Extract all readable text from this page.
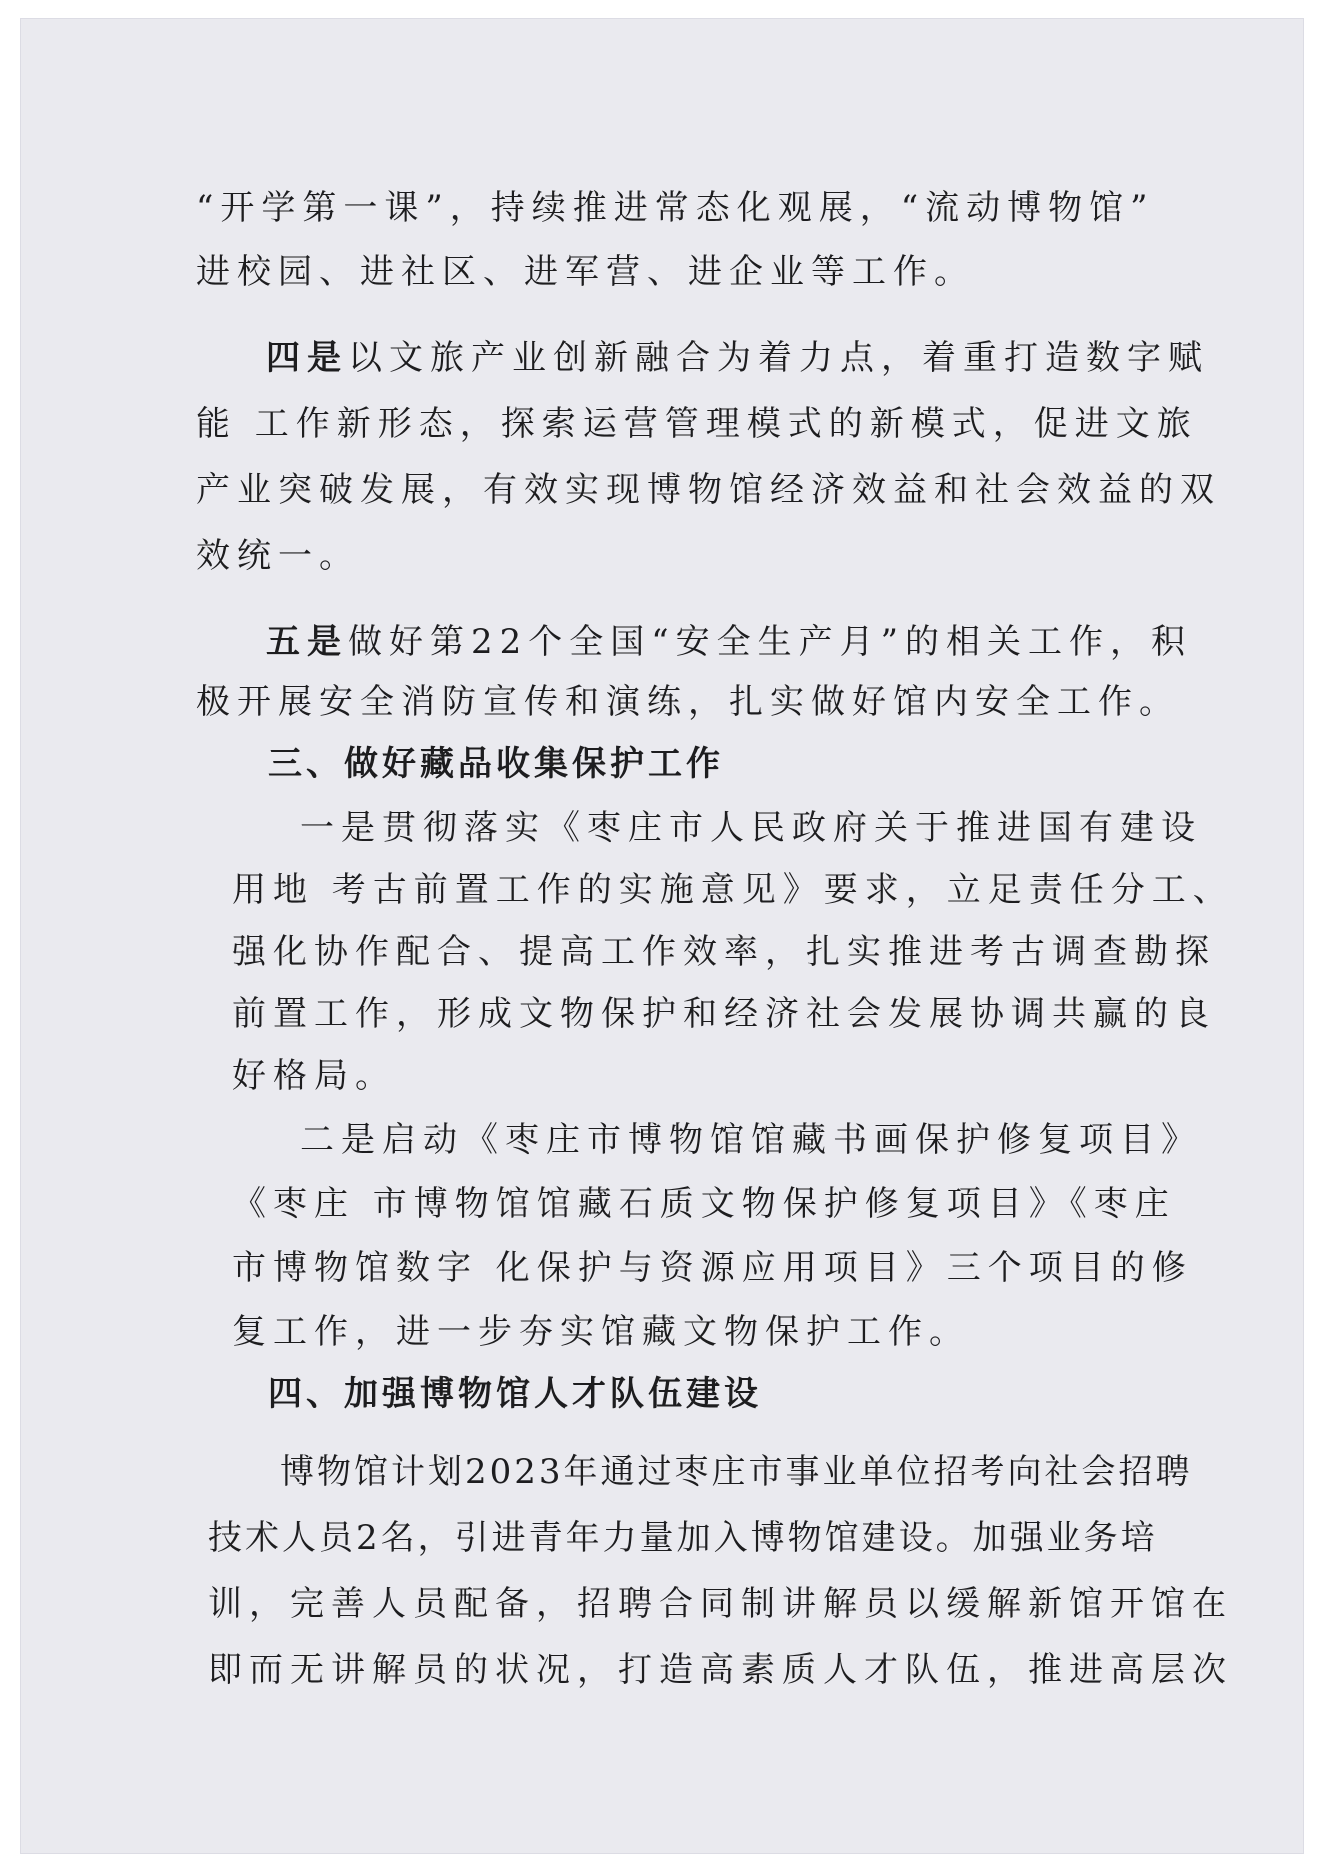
“开学第一课”，持续推进常态化观展，“流动博物馆”

进校园、进社区、进军营、进企业等工作。

四是以文旅产业创新融合为着力点，着重打造数字赋

能 工作新形态，探索运营管理模式的新模式，促进文旅

产业突破发展，有效实现博物馆经济效益和社会效益的双

效统一。

五是做好第22个全国“安全生产月”的相关工作，积

极开展安全消防宣传和演练，扎实做好馆内安全工作。

三、做好藏品收集保护工作

一是贯彻落实《枣庄市人民政府关于推进国有建设

用地 考古前置工作的实施意见》要求，立足责任分工、

强化协作配合、提高工作效率，扎实推进考古调查勘探

前置工作，形成文物保护和经济社会发展协调共赢的良

好格局。

二是启动《枣庄市博物馆馆藏书画保护修复项目》

《枣庄 市博物馆馆藏石质文物保护修复项目》《枣庄

市博物馆数字 化保护与资源应用项目》三个项目的修

复工作，进一步夯实馆藏文物保护工作。

四、加强博物馆人才队伍建设

博物馆计划2023年通过枣庄市事业单位招考向社会招聘

技术人员2名，引进青年力量加入博物馆建设。加强业务培

训，完善人员配备，招聘合同制讲解员以缓解新馆开馆在

即而无讲解员的状况，打造高素质人才队伍，推进高层次
